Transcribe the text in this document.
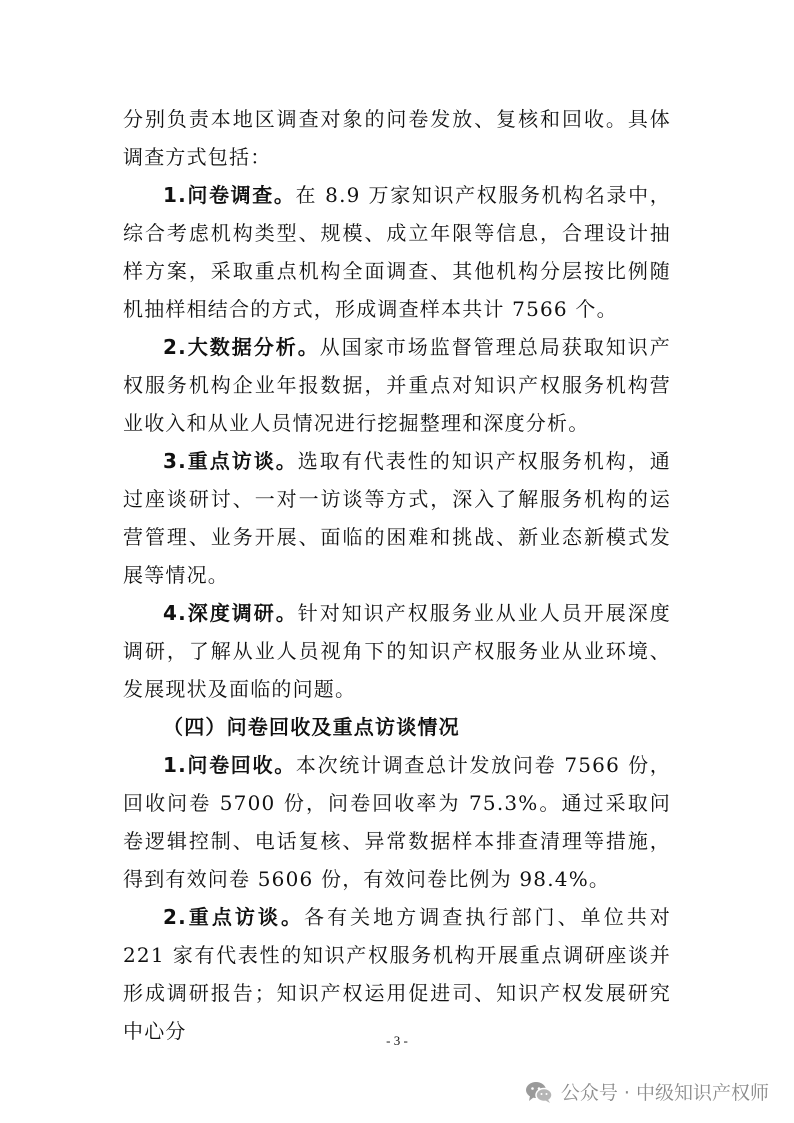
分别负责本地区调查对象的问卷发放、复核和回收。具体调查方式包括：

1.问卷调查。在 8.9 万家知识产权服务机构名录中，综合考虑机构类型、规模、成立年限等信息，合理设计抽样方案，采取重点机构全面调查、其他机构分层按比例随机抽样相结合的方式，形成调查样本共计 7566 个。

2.大数据分析。从国家市场监督管理总局获取知识产权服务机构企业年报数据，并重点对知识产权服务机构营业收入和从业人员情况进行挖掘整理和深度分析。

3.重点访谈。选取有代表性的知识产权服务机构，通过座谈研讨、一对一访谈等方式，深入了解服务机构的运营管理、业务开展、面临的困难和挑战、新业态新模式发展等情况。

4.深度调研。针对知识产权服务业从业人员开展深度调研，了解从业人员视角下的知识产权服务业从业环境、发展现状及面临的问题。

（四）问卷回收及重点访谈情况

1.问卷回收。本次统计调查总计发放问卷 7566 份，回收问卷 5700 份，问卷回收率为 75.3%。通过采取问卷逻辑控制、电话复核、异常数据样本排查清理等措施，得到有效问卷 5606 份，有效问卷比例为 98.4%。

2.重点访谈。各有关地方调查执行部门、单位共对 221 家有代表性的知识产权服务机构开展重点调研座谈并形成调研报告；知识产权运用促进司、知识产权发展研究中心分	- 3 -
公众号 · 中级知识产权师
